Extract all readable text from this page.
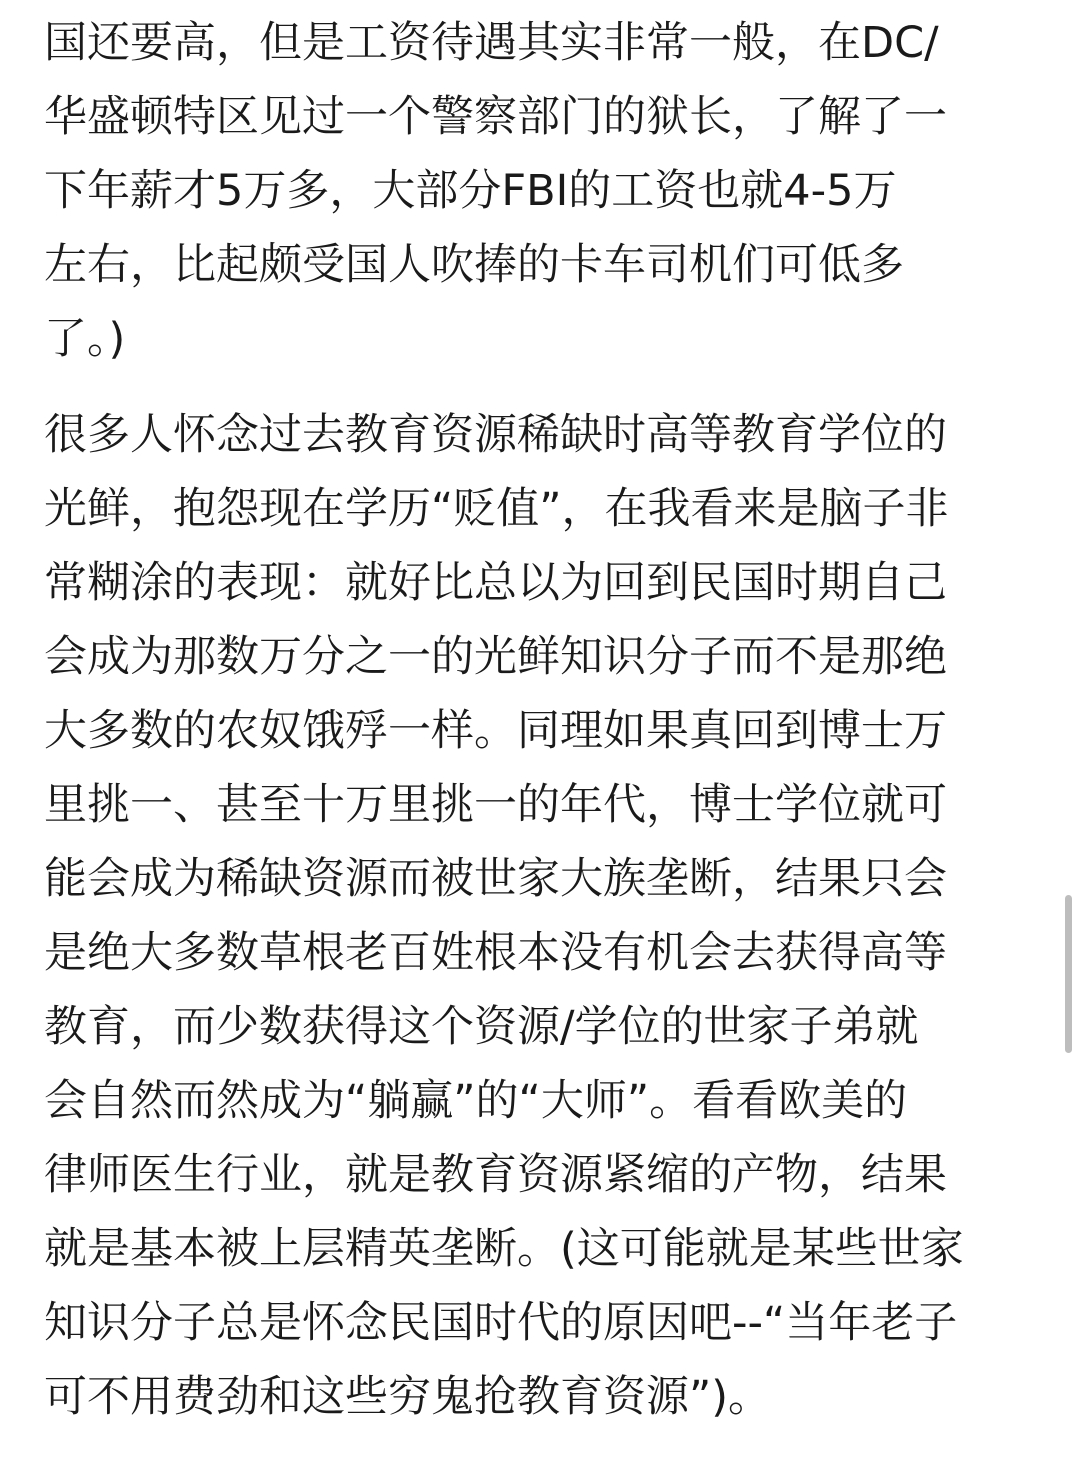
国还要高，但是工资待遇其实非常一般，在DC/
华盛顿特区见过一个警察部门的狱长，了解了一
下年薪才5万多，大部分FBI的工资也就4-5万
左右，比起颇受国人吹捧的卡车司机们可低多
了。)

很多人怀念过去教育资源稀缺时高等教育学位的
光鲜，抱怨现在学历“贬值”，在我看来是脑子非
常糊涂的表现：就好比总以为回到民国时期自己
会成为那数万分之一的光鲜知识分子而不是那绝
大多数的农奴饿殍一样。同理如果真回到博士万
里挑一、甚至十万里挑一的年代，博士学位就可
能会成为稀缺资源而被世家大族垄断，结果只会
是绝大多数草根老百姓根本没有机会去获得高等
教育，而少数获得这个资源/学位的世家子弟就
会自然而然成为“躺赢”的“大师”。看看欧美的
律师医生行业，就是教育资源紧缩的产物，结果
就是基本被上层精英垄断。(这可能就是某些世家
知识分子总是怀念民国时代的原因吧--“当年老子
可不用费劲和这些穷鬼抢教育资源”)。
